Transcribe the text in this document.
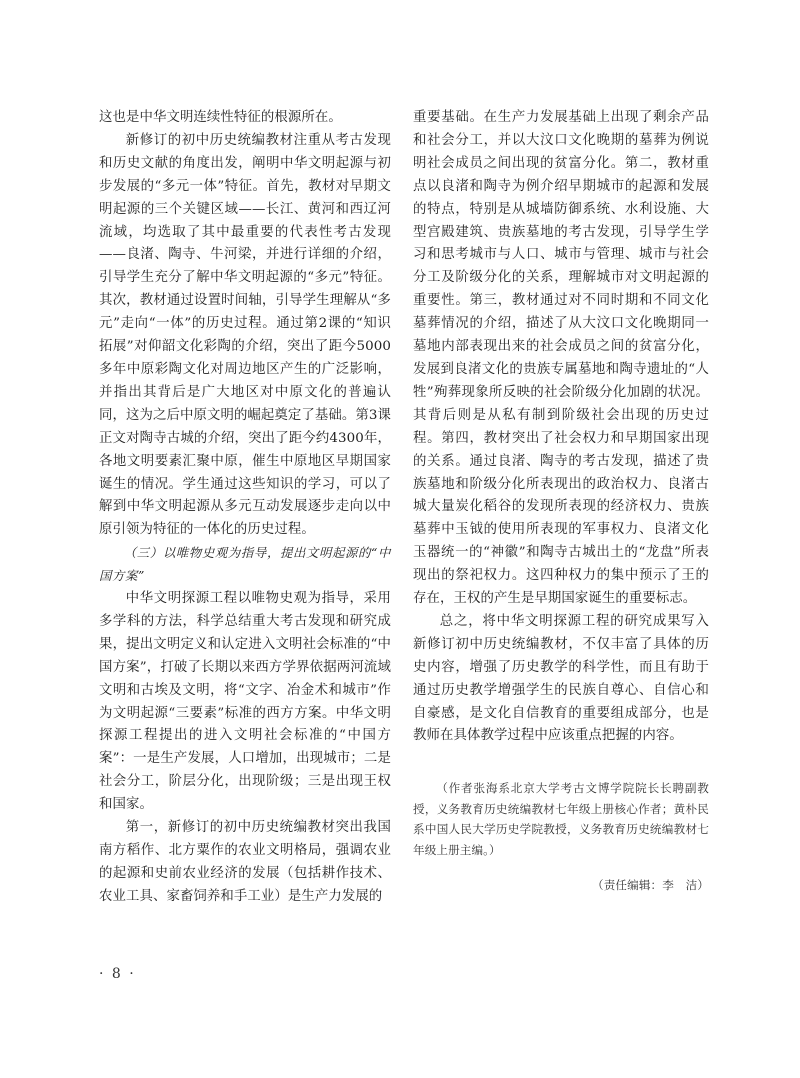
这也是中华文明连续性特征的根源所在。

新修订的初中历史统编教材注重从考古发现和历史文献的角度出发，阐明中华文明起源与初步发展的“多元一体”特征。首先，教材对早期文明起源的三个关键区域——长江、黄河和西辽河流域，均选取了其中最重要的代表性考古发现——良渚、陶寺、牛河梁，并进行详细的介绍，引导学生充分了解中华文明起源的“多元”特征。其次，教材通过设置时间轴，引导学生理解从“多元”走向“一体”的历史过程。通过第2课的“知识拓展”对仰韶文化彩陶的介绍，突出了距今5000多年中原彩陶文化对周边地区产生的广泛影响，并指出其背后是广大地区对中原文化的普遍认同，这为之后中原文明的崛起奠定了基础。第3课正文对陶寺古城的介绍，突出了距今约4300年，各地文明要素汇聚中原，催生中原地区早期国家诞生的情况。学生通过这些知识的学习，可以了解到中华文明起源从多元互动发展逐步走向以中原引领为特征的一体化的历史过程。

（三）以唯物史观为指导，提出文明起源的“中国方案”

中华文明探源工程以唯物史观为指导，采用多学科的方法，科学总结重大考古发现和研究成果，提出文明定义和认定进入文明社会标准的“中国方案”，打破了长期以来西方学界依据两河流域文明和古埃及文明，将“文字、冶金术和城市”作为文明起源“三要素”标准的西方方案。中华文明探源工程提出的进入文明社会标准的“中国方案”：一是生产发展，人口增加，出现城市；二是社会分工，阶层分化，出现阶级；三是出现王权和国家。

第一，新修订的初中历史统编教材突出我国南方稻作、北方粟作的农业文明格局，强调农业的起源和史前农业经济的发展（包括耕作技术、农业工具、家畜饲养和手工业）是生产力发展的

重要基础。在生产力发展基础上出现了剩余产品和社会分工，并以大汶口文化晚期的墓葬为例说明社会成员之间出现的贫富分化。第二，教材重点以良渚和陶寺为例介绍早期城市的起源和发展的特点，特别是从城墙防御系统、水利设施、大型宫殿建筑、贵族墓地的考古发现，引导学生学习和思考城市与人口、城市与管理、城市与社会分工及阶级分化的关系，理解城市对文明起源的重要性。第三，教材通过对不同时期和不同文化墓葬情况的介绍，描述了从大汶口文化晚期同一墓地内部表现出来的社会成员之间的贫富分化，发展到良渚文化的贵族专属墓地和陶寺遗址的“人牲”殉葬现象所反映的社会阶级分化加剧的状况。其背后则是从私有制到阶级社会出现的历史过程。第四，教材突出了社会权力和早期国家出现的关系。通过良渚、陶寺的考古发现，描述了贵族墓地和阶级分化所表现出的政治权力、良渚古城大量炭化稻谷的发现所表现的经济权力、贵族墓葬中玉钺的使用所表现的军事权力、良渚文化玉器统一的“神徽”和陶寺古城出土的“龙盘”所表现出的祭祀权力。这四种权力的集中预示了王的存在，王权的产生是早期国家诞生的重要标志。

总之，将中华文明探源工程的研究成果写入新修订初中历史统编教材，不仅丰富了具体的历史内容，增强了历史教学的科学性，而且有助于通过历史教学增强学生的民族自尊心、自信心和自豪感，是文化自信教育的重要组成部分，也是教师在具体教学过程中应该重点把握的内容。

（作者张海系北京大学考古文博学院院长长聘副教授，义务教育历史统编教材七年级上册核心作者；黄朴民系中国人民大学历史学院教授，义务教育历史统编教材七年级上册主编。）

（责任编辑：李　洁）

· 8 ·
